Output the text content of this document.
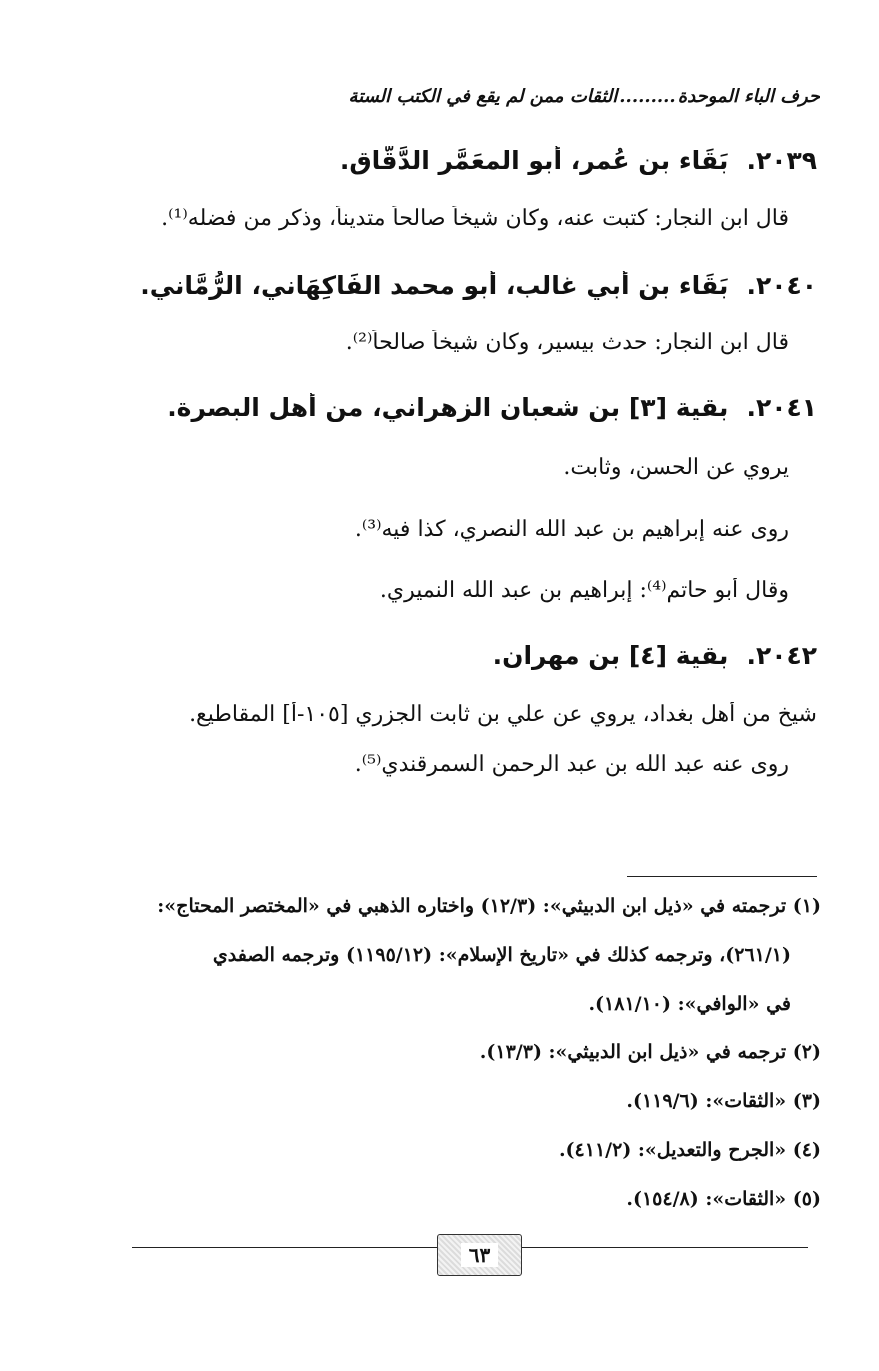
حرف الباء الموحدة.........الثقات ممن لم يقع في الكتب الستة
٢٠٣٩.بَقَاء بن عُمر، أبو المعَمَّر الدَّقَّاق.
قال ابن النجار: كتبت عنه، وكان شيخاً صالحاً متديناً، وذكر من فضله⁽¹⁾.
٢٠٤٠.بَقَاء بن أبي غالب، أبو محمد الفَاكِهَاني، الرُّمَّاني.
قال ابن النجار: حدث بيسير، وكان شيخاً صالحاً⁽²⁾.
٢٠٤١.بقية [٣] بن شعبان الزهراني، من أهل البصرة.
يروي عن الحسن، وثابت.
روى عنه إبراهيم بن عبد الله النصري، كذا فيه⁽³⁾.
وقال أبو حاتم⁽⁴⁾: إبراهيم بن عبد الله النميري.
٢٠٤٢.بقية [٤] بن مهران.
شيخ من أهل بغداد، يروي عن علي بن ثابت الجزري [١٠٥-أ] المقاطيع.
روى عنه عبد الله بن عبد الرحمن السمرقندي⁽⁵⁾.
(١) ترجمته في «ذيل ابن الدبيثي»: (١٢/٣) واختاره الذهبي في «المختصر المحتاج»:
(٢٦١/١)، وترجمه كذلك في «تاريخ الإسلام»: (١١٩٥/١٢) وترجمه الصفدي
في «الوافي»: (١٨١/١٠).
(٢) ترجمه في «ذيل ابن الدبيثي»: (١٣/٣).
(٣) «الثقات»: (١١٩/٦).
(٤) «الجرح والتعديل»: (٤١١/٢).
(٥) «الثقات»: (١٥٤/٨).
٦٣
